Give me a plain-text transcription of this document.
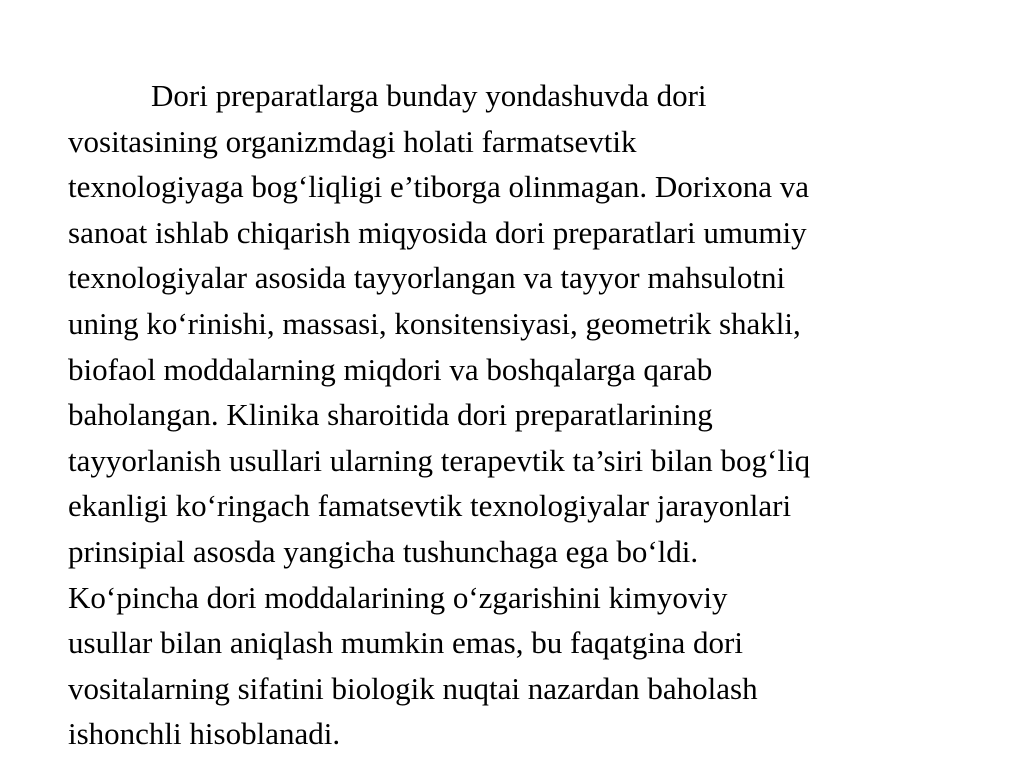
Dori preparatlarga bunday yondashuvda dori
vositasining organizmdagi holati farmatsevtik
texnologiyaga bog‘liqligi e’tiborga olinmagan. Dorixona va
sanoat ishlab chiqarish miqyosida dori preparatlari umumiy
texnologiyalar asosida tayyorlangan va tayyor mahsulotni
uning ko‘rinishi, massasi, konsitensiyasi, geometrik shakli,
biofaol moddalarning miqdori va boshqalarga qarab
baholangan. Klinika sharoitida dori preparatlarining
tayyorlanish usullari ularning terapevtik ta’siri bilan bog‘liq
ekanligi ko‘ringach famatsevtik texnologiyalar jarayonlari
prinsipial asosda yangicha tushunchaga ega bo‘ldi.
Ko‘pincha dori moddalarining o‘zgarishini kimyoviy
usullar bilan aniqlash mumkin emas, bu faqatgina dori
vositalarning sifatini biologik nuqtai nazardan baholash
ishonchli hisoblanadi.
